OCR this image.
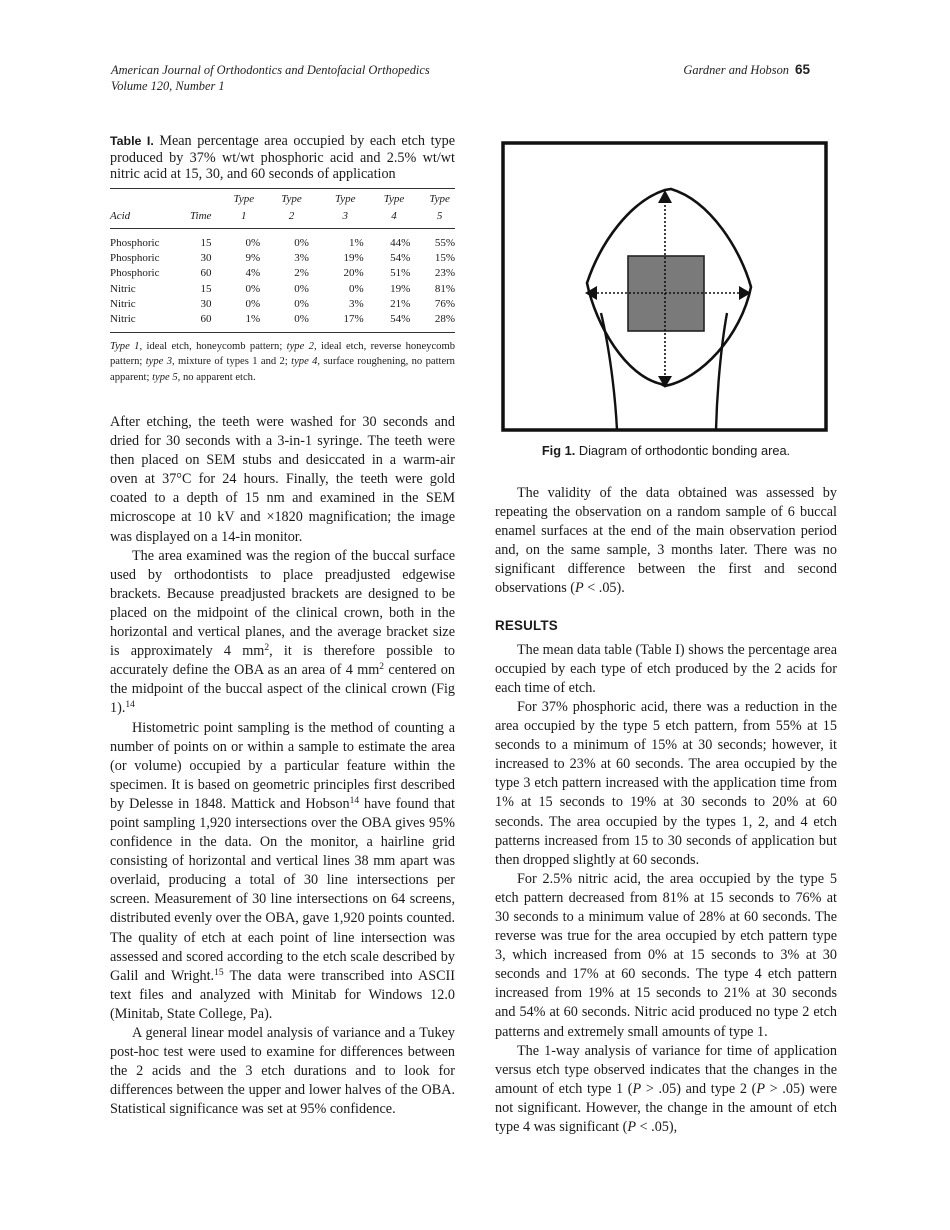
American Journal of Orthodontics and Dentofacial Orthopedics
Volume 120, Number 1
Gardner and Hobson 65
Table I. Mean percentage area occupied by each etch type produced by 37% wt/wt phosphoric acid and 2.5% wt/wt nitric acid at 15, 30, and 60 seconds of application
		Type	Type	Type	Type	Type
Acid	Time	1	2	3	4	5
Phosphoric	15	0%	0%	1%	44%	55%
Phosphoric	30	9%	3%	19%	54%	15%
Phosphoric	60	4%	2%	20%	51%	23%
Nitric	15	0%	0%	0%	19%	81%
Nitric	30	0%	0%	3%	21%	76%
Nitric	60	1%	0%	17%	54%	28%
Type 1, ideal etch, honeycomb pattern; type 2, ideal etch, reverse honeycomb pattern; type 3, mixture of types 1 and 2; type 4, surface roughening, no pattern apparent; type 5, no apparent etch.

After etching, the teeth were washed for 30 seconds and dried for 30 seconds with a 3-in-1 syringe. The teeth were then placed on SEM stubs and desiccated in a warm-air oven at 37°C for 24 hours. Finally, the teeth were gold coated to a depth of 15 nm and examined in the SEM microscope at 10 kV and ×1820 magnification; the image was displayed on a 14-in monitor.

The area examined was the region of the buccal surface used by orthodontists to place preadjusted edgewise brackets. Because preadjusted brackets are designed to be placed on the midpoint of the clinical crown, both in the horizontal and vertical planes, and the average bracket size is approximately 4 $mm^2$, it is therefore possible to accurately define the OBA as an area of 4 $mm^2$ centered on the midpoint of the buccal aspect of the clinical crown (Fig 1).$^{14}$

Histometric point sampling is the method of counting a number of points on or within a sample to estimate the area (or volume) occupied by a particular feature within the specimen. It is based on geometric principles first described by Delesse in 1848. Mattick and Hobson$^{14}$ have found that point sampling 1,920 intersections over the OBA gives 95% confidence in the data. On the monitor, a hairline grid consisting of horizontal and vertical lines 38 mm apart was overlaid, producing a total of 30 line intersections per screen. Measurement of 30 line intersections on 64 screens, distributed evenly over the OBA, gave 1,920 points counted. The quality of etch at each point of line intersection was assessed and scored according to the etch scale described by Galil and Wright.$^{15}$ The data were transcribed into ASCII text files and analyzed with Minitab for Windows 12.0 (Minitab, State College, Pa).

A general linear model analysis of variance and a Tukey post-hoc test were used to examine for differences between the 2 acids and the 3 etch durations and to look for differences between the upper and lower halves of the OBA. Statistical significance was set at 95% confidence.

Fig 1. Diagram of orthodontic bonding area.

The validity of the data obtained was assessed by repeating the observation on a random sample of 6 buccal enamel surfaces at the end of the main observation period and, on the same sample, 3 months later. There was no significant difference between the first and second observations (P < .05).

RESULTS

The mean data table (Table I) shows the percentage area occupied by each type of etch produced by the 2 acids for each time of etch.

For 37% phosphoric acid, there was a reduction in the area occupied by the type 5 etch pattern, from 55% at 15 seconds to a minimum of 15% at 30 seconds; however, it increased to 23% at 60 seconds. The area occupied by the type 3 etch pattern increased with the application time from 1% at 15 seconds to 19% at 30 seconds to 20% at 60 seconds. The area occupied by the types 1, 2, and 4 etch patterns increased from 15 to 30 seconds of application but then dropped slightly at 60 seconds.

For 2.5% nitric acid, the area occupied by the type 5 etch pattern decreased from 81% at 15 seconds to 76% at 30 seconds to a minimum value of 28% at 60 seconds. The reverse was true for the area occupied by etch pattern type 3, which increased from 0% at 15 seconds to 3% at 30 seconds and 17% at 60 seconds. The type 4 etch pattern increased from 19% at 15 seconds to 21% at 30 seconds and 54% at 60 seconds. Nitric acid produced no type 2 etch patterns and extremely small amounts of type 1.

The 1-way analysis of variance for time of application versus etch type observed indicates that the changes in the amount of etch type 1 (P > .05) and type 2 (P > .05) were not significant. However, the change in the amount of etch type 4 was significant (P < .05),
